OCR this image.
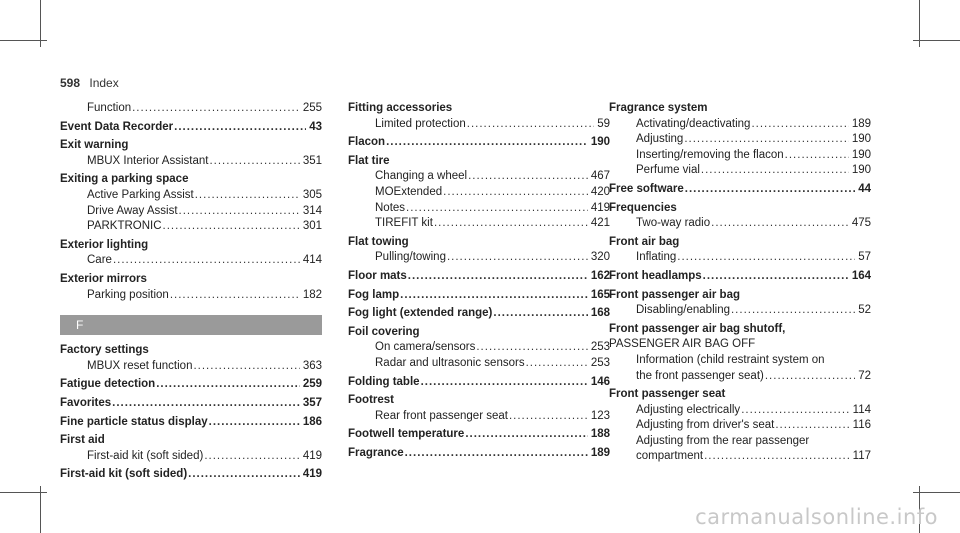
598 Index
Function .....	255
Event Data Recorder .....	43
Exit warning
MBUX Interior Assistant .....	351
Exiting a parking space
Active Parking Assist .....	305
Drive Away Assist .....	314
PARKTRONIC .....	301
Exterior lighting
Care .....	414
Exterior mirrors
Parking position .....	182
F
Factory settings
MBUX reset function .....	363
Fatigue detection .....	259
Favorites .....	357
Fine particle status display .....	186
First aid
First-aid kit (soft sided) .....	419
First-aid kit (soft sided) .....	419
Fitting accessories
Limited protection .....	59
Flacon .....	190
Flat tire
Changing a wheel .....	467
MOExtended .....	420
Notes .....	419
TIREFIT kit .....	421
Flat towing
Pulling/towing .....	320
Floor mats .....	162
Fog lamp .....	165
Fog light (extended range) .....	168
Foil covering
On camera/sensors .....	253
Radar and ultrasonic sensors .....	253
Folding table .....	146
Footrest
Rear front passenger seat .....	123
Footwell temperature .....	188
Fragrance .....	189
Fragrance system
Activating/deactivating .....	189
Adjusting .....	190
Inserting/removing the flacon .....	190
Perfume vial .....	190
Free software .....	44
Frequencies
Two-way radio .....	475
Front air bag
Inflating .....	57
Front headlamps .....	164
Front passenger air bag
Disabling/enabling .....	52
Front passenger air bag shutoff,
PASSENGER AIR BAG OFF
Information (child restraint system on
the front passenger seat) .....	72
Front passenger seat
Adjusting electrically .....	114
Adjusting from driver's seat .....	116
Adjusting from the rear passenger
compartment .....	117
carmanualsonline.info
